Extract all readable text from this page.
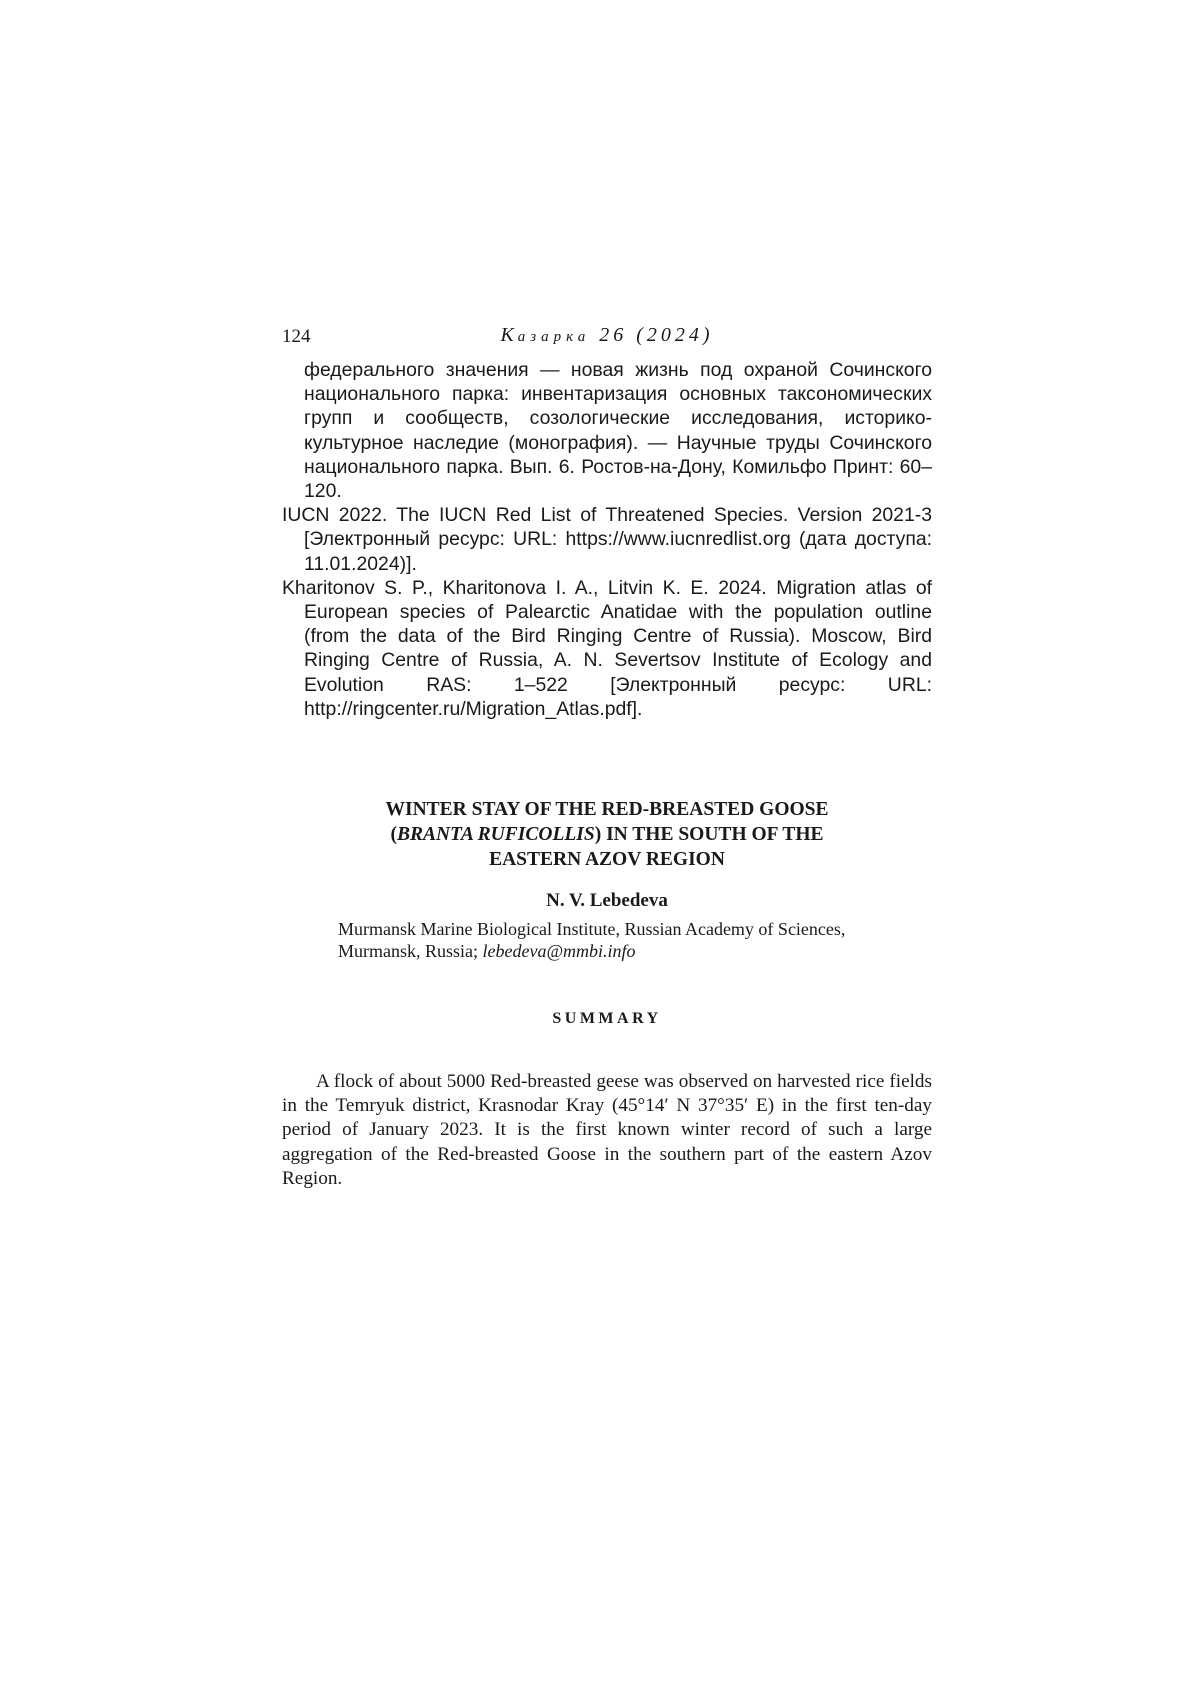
124	Казарка 26 (2024)

федерального значения — новая жизнь под охраной Сочинского национального парка: инвентаризация основных таксономических групп и сообществ, созологические исследования, историко-культурное наследие (монография). — Научные труды Сочинского национального парка. Вып. 6. Ростов-на-Дону, Комильфо Принт: 60–120.

IUCN 2022. The IUCN Red List of Threatened Species. Version 2021-3 [Электронный ресурс: URL: https://www.iucnredlist.org (дата доступа: 11.01.2024)].

Kharitonov S. P., Kharitonova I. A., Litvin K. E. 2024. Migration atlas of European species of Palearctic Anatidae with the population outline (from the data of the Bird Ringing Centre of Russia). Moscow, Bird Ringing Centre of Russia, A. N. Severtsov Institute of Ecology and Evolution RAS: 1–522 [Электронный ресурс: URL: http://ringcenter.ru/Migration_Atlas.pdf].

WINTER STAY OF THE RED-BREASTED GOOSE
(BRANTA RUFICOLLIS) IN THE SOUTH OF THE
EASTERN AZOV REGION
N. V. Lebedeva
Murmansk Marine Biological Institute, Russian Academy of Sciences, Murmansk, Russia; lebedeva@mmbi.info
SUMMARY

A flock of about 5000 Red-breasted geese was observed on harvested rice fields in the Temryuk district, Krasnodar Kray (45°14′ N 37°35′ E) in the first ten-day period of January 2023. It is the first known winter record of such a large aggregation of the Red-breasted Goose in the southern part of the eastern Azov Region.
